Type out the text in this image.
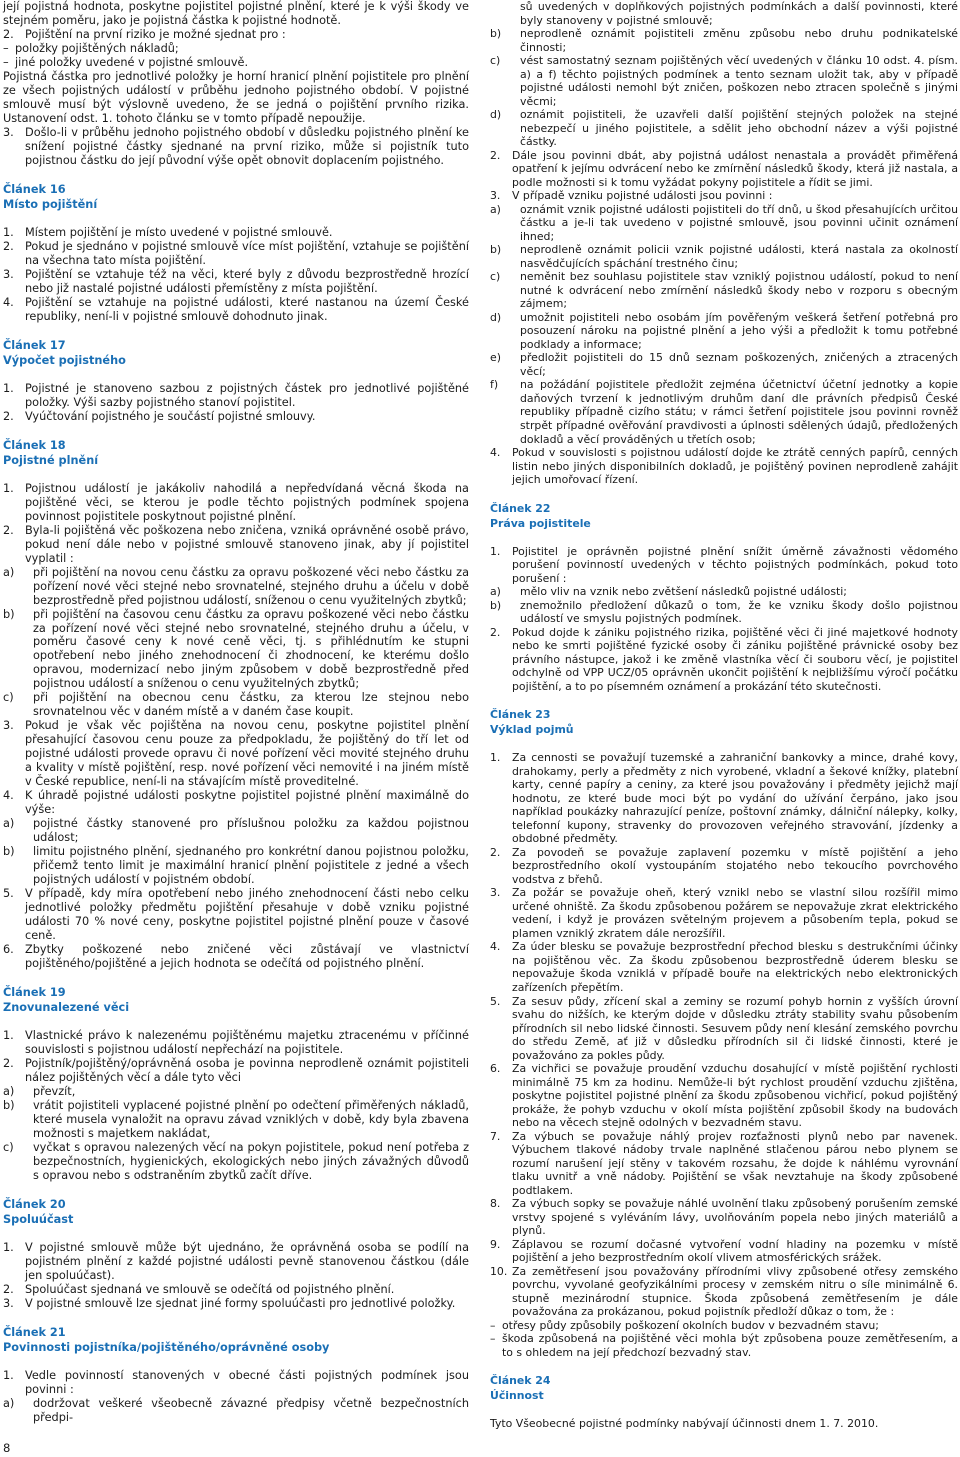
její pojistná hodnota, poskytne pojistitel pojistné plnění, které je k výši škody ve stejném poměru, jako je pojistná částka k pojistné hodnotě.
2. Pojištění na první riziko je možné sjednat pro :
– položky pojištěných nákladů;
– jiné položky uvedené v pojistné smlouvě.
Pojistná částka pro jednotlivé položky je horní hranicí plnění pojistitele pro plnění ze všech pojistných událostí v průběhu jednoho pojistného období. V pojistné smlouvě musí být výslovně uvedeno, že se jedná o pojištění prvního rizika. Ustanovení odst. 1. tohoto článku se v tomto případě nepoužije.
3. Došlo-li v průběhu jednoho pojistného období v důsledku pojistného plnění ke snížení pojistné částky sjednané na první riziko, může si pojistník tuto pojistnou částku do její původní výše opět obnovit doplacením pojistného.
Článek 16
Místo pojištění
1. Místem pojištění je místo uvedené v pojistné smlouvě.
2. Pokud je sjednáno v pojistné smlouvě více míst pojištění, vztahuje se pojištění na všechna tato místa pojištění.
3. Pojištění se vztahuje též na věci, které byly z důvodu bezprostředně hrozící nebo již nastalé pojistné události přemístěny z místa pojištění.
4. Pojištění se vztahuje na pojistné události, které nastanou na území České republiky, není-li v pojistné smlouvě dohodnuto jinak.
Článek 17
Výpočet pojistného
1. Pojistné je stanoveno sazbou z pojistných částek pro jednotlivé pojištěné položky. Výši sazby pojistného stanoví pojistitel.
2. Vyúčtování pojistného je součástí pojistné smlouvy.
Článek 18
Pojistné plnění
1. Pojistnou událostí je jakákoliv nahodilá a nepředvídaná věcná škoda na pojištěné věci, se kterou je podle těchto pojistných podmínek spojena povinnost pojistitele poskytnout pojistné plnění.
2. Byla-li pojištěná věc poškozena nebo zničena, vzniká oprávněné osobě právo, pokud není dále nebo v pojistné smlouvě stanoveno jinak, aby jí pojistitel vyplatil :
a) při pojištění na novou cenu částku za opravu poškozené věci nebo částku za pořízení nové věci stejné nebo srovnatelné, stejného druhu a účelu v době bezprostředně před pojistnou událostí, sníženou o cenu využitelných zbytků;
b) při pojištění na časovou cenu částku za opravu poškozené věci nebo částku za pořízení nové věci stejné nebo srovnatelné, stejného druhu a účelu, v poměru časové ceny k nové ceně věci, tj. s přihlédnutím ke stupni opotřebení nebo jiného znehodnocení či zhodnocení, ke kterému došlo opravou, modernizací nebo jiným způsobem v době bezprostředně před pojistnou událostí a sníženou o cenu využitelných zbytků;
c) při pojištění na obecnou cenu částku, za kterou lze stejnou nebo srovnatelnou věc v daném místě a v daném čase koupit.
3. Pokud je však věc pojištěna na novou cenu, poskytne pojistitel plnění přesahující časovou cenu pouze za předpokladu, že pojištěný do tří let od pojistné události provede opravu či nové pořízení věci movité stejného druhu a kvality v místě pojištění, resp. nové pořízení věci nemovité i na jiném místě v České republice, není-li na stávajícím místě proveditelné.
4. K úhradě pojistné události poskytne pojistitel pojistné plnění maximálně do výše:
a) pojistné částky stanovené pro příslušnou položku za každou pojistnou událost;
b) limitu pojistného plnění, sjednaného pro konkrétní danou pojistnou položku, přičemž tento limit je maximální hranicí plnění pojistitele z jedné a všech pojistných událostí v pojistném období.
5. V případě, kdy míra opotřebení nebo jiného znehodnocení části nebo celku jednotlivé položky předmětu pojištění přesahuje v době vzniku pojistné události 70 % nové ceny, poskytne pojistitel pojistné plnění pouze v časové ceně.
6. Zbytky poškozené nebo zničené věci zůstávají ve vlastnictví pojištěného/pojištěné a jejich hodnota se odečítá od pojistného plnění.
Článek 19
Znovunalezené věci
1. Vlastnické právo k nalezenému pojištěnému majetku ztracenému v příčinné souvislosti s pojistnou událostí nepřechází na pojistitele.
2. Pojistník/pojištěný/oprávněná osoba je povinna neprodleně oznámit pojistiteli nález pojištěných věcí a dále tyto věci
a) převzít,
b) vrátit pojistiteli vyplacené pojistné plnění po odečtení přiměřených nákladů, které musela vynaložit na opravu závad vzniklých v době, kdy byla zbavena možnosti s majetkem nakládat,
c) vyčkat s opravou nalezených věcí na pokyn pojistitele, pokud není potřeba z bezpečnostních, hygienických, ekologických nebo jiných závažných důvodů s opravou nebo s odstraněním zbytků začít dříve.
Článek 20
Spoluúčast
1. V pojistné smlouvě může být ujednáno, že oprávněná osoba se podílí na pojistném plnění z každé pojistné události pevně stanovenou částkou (dále jen spoluúčast).
2. Spoluúčast sjednaná ve smlouvě se odečítá od pojistného plnění.
3. V pojistné smlouvě lze sjednat jiné formy spoluúčasti pro jednotlivé položky.
Článek 21
Povinnosti pojistníka/pojištěného/oprávněné osoby
1. Vedle povinností stanovených v obecné části pojistných podmínek jsou povinni :
a) dodržovat veškeré všeobecně závazné předpisy včetně bezpečnostních předpi-
sů uvedených v doplňkových pojistných podmínkách a další povinnosti, které byly stanoveny v pojistné smlouvě;
b) neprodleně oznámit pojistiteli změnu způsobu nebo druhu podnikatelské činnosti;
c) vést samostatný seznam pojištěných věcí uvedených v článku 10 odst. 4. písm. a) a f) těchto pojistných podmínek a tento seznam uložit tak, aby v případě pojistné události nemohl být zničen, poškozen nebo ztracen společně s jinými věcmi;
d) oznámit pojistiteli, že uzavřeli další pojištění stejných položek na stejné nebezpečí u jiného pojistitele, a sdělit jeho obchodní název a výši pojistné částky.
2. Dále jsou povinni dbát, aby pojistná událost nenastala a provádět přiměřená opatření k jejímu odvrácení nebo ke zmírnění následků škody, která již nastala, a podle možnosti si k tomu vyžádat pokyny pojistitele a řídit se jimi.
3. V případě vzniku pojistné události jsou povinni :
a) oznámit vznik pojistné události pojistiteli do tří dnů, u škod přesahujících určitou částku a je-li tak uvedeno v pojistné smlouvě, jsou povinni učinit oznámení ihned;
b) neprodleně oznámit policii vznik pojistné události, která nastala za okolností nasvědčujících spáchání trestného činu;
c) neměnit bez souhlasu pojistitele stav vzniklý pojistnou událostí, pokud to není nutné k odvrácení nebo zmírnění následků škody nebo v rozporu s obecným zájmem;
d) umožnit pojistiteli nebo osobám jím pověřeným veškerá šetření potřebná pro posouzení nároku na pojistné plnění a jeho výši a předložit k tomu potřebné podklady a informace;
e) předložit pojistiteli do 15 dnů seznam poškozených, zničených a ztracených věcí;
f) na požádání pojistitele předložit zejména účetnictví účetní jednotky a kopie daňových tvrzení k jednotlivým druhům daní dle právních předpisů České republiky případně cizího státu; v rámci šetření pojistitele jsou povinni rovněž strpět případné ověřování pravdivosti a úplnosti sdělených údajů, předložených dokladů a věcí prováděných u třetích osob;
4. Pokud v souvislosti s pojistnou událostí dojde ke ztrátě cenných papírů, cenných listin nebo jiných disponibilních dokladů, je pojištěný povinen neprodleně zahájit jejich umořovací řízení.
Článek 22
Práva pojistitele
1. Pojistitel je oprávněn pojistné plnění snížit úměrně závažnosti vědomého porušení povinností uvedených v těchto pojistných podmínkách, pokud toto porušení :
a) mělo vliv na vznik nebo zvětšení následků pojistné události;
b) znemožnilo předložení důkazů o tom, že ke vzniku škody došlo pojistnou událostí ve smyslu pojistných podmínek.
2. Pokud dojde k zániku pojistného rizika, pojištěné věci či jiné majetkové hodnoty nebo ke smrti pojištěné fyzické osoby či zániku pojištěné právnické osoby bez právního nástupce, jakož i ke změně vlastníka věcí či souboru věcí, je pojistitel odchylně od VPP UCZ/05 oprávněn ukončit pojištění k nejbližšímu výročí počátku pojištění, a to po písemném oznámení a prokázání této skutečnosti.
Článek 23
Výklad pojmů
1. Za cennosti se považují tuzemské a zahraniční bankovky a mince, drahé kovy, drahokamy, perly a předměty z nich vyrobené, vkladní a šekové knížky, platební karty, cenné papíry a ceniny, za které jsou považovány i předměty jejichž mají hodnotu, ze které bude moci být po vydání do užívání čerpáno, jako jsou například poukázky nahrazující peníze, poštovní známky, dálniční nálepky, kolky, telefonní kupony, stravenky do provozoven veřejného stravování, jízdenky a obdobné předměty.
2. Za povodeň se považuje zaplavení pozemku v místě pojištění a jeho bezprostředního okolí vystoupáním stojatého nebo tekoucího povrchového vodstva z břehů.
3. Za požár se považuje oheň, který vznikl nebo se vlastní silou rozšířil mimo určené ohniště. Za škodu způsobenou požárem se nepovažuje zkrat elektrického vedení, i když je provázen světelným projevem a působením tepla, pokud se plamen vzniklý zkratem dále nerozšířil.
4. Za úder blesku se považuje bezprostřední přechod blesku s destrukčními účinky na pojištěnou věc. Za škodu způsobenou bezprostředně úderem blesku se nepovažuje škoda vzniklá v případě bouře na elektrických nebo elektronických zařízeních přepětím.
5. Za sesuv půdy, zřícení skal a zeminy se rozumí pohyb hornin z vyšších úrovní svahu do nižších, ke kterým dojde v důsledku ztráty stability svahu působením přírodních sil nebo lidské činnosti. Sesuvem půdy není klesání zemského povrchu do středu Země, ať již v důsledku přírodních sil či lidské činnosti, které je považováno za pokles půdy.
6. Za vichřici se považuje proudění vzduchu dosahující v místě pojištění rychlosti minimálně 75 km za hodinu. Nemůže-li být rychlost proudění vzduchu zjištěna, poskytne pojistitel pojistné plnění za škodu způsobenou vichřicí, pokud pojištěný prokáže, že pohyb vzduchu v okolí místa pojištění způsobil škody na budovách nebo na věcech stejně odolných v bezvadném stavu.
7. Za výbuch se považuje náhlý projev rozťažnosti plynů nebo par navenek. Výbuchem tlakové nádoby trvale naplněné stlačenou párou nebo plynem se rozumí narušení její stěny v takovém rozsahu, že dojde k náhlému vyrovnání tlaku uvnitř a vně nádoby. Pojištění se však nevztahuje na škody způsobené podtlakem.
8. Za výbuch sopky se považuje náhlé uvolnění tlaku způsobený porušením zemské vrstvy spojené s vyléváním lávy, uvolňováním popela nebo jiných materiálů a plynů.
9. Záplavou se rozumí dočasné vytvoření vodní hladiny na pozemku v místě pojištění a jeho bezprostředním okolí vlivem atmosférických srážek.
10. Za zemětřesení jsou považovány přírodními vlivy způsobené otřesy zemského povrchu, vyvolané geofyzikálními procesy v zemském nitru o síle minimálně 6. stupně mezinárodní stupnice. Škoda způsobená zemětřesením je dále považována za prokázanou, pokud pojistník předloží důkaz o tom, že :
– otřesy půdy způsobily poškození okolních budov v bezvadném stavu;
– škoda způsobená na pojištěné věci mohla být způsobena pouze zemětřesením, a to s ohledem na její předchozí bezvadný stav.
Článek 24
Účinnost
Tyto Všeobecné pojistné podmínky nabývají účinnosti dnem 1. 7. 2010.
8
